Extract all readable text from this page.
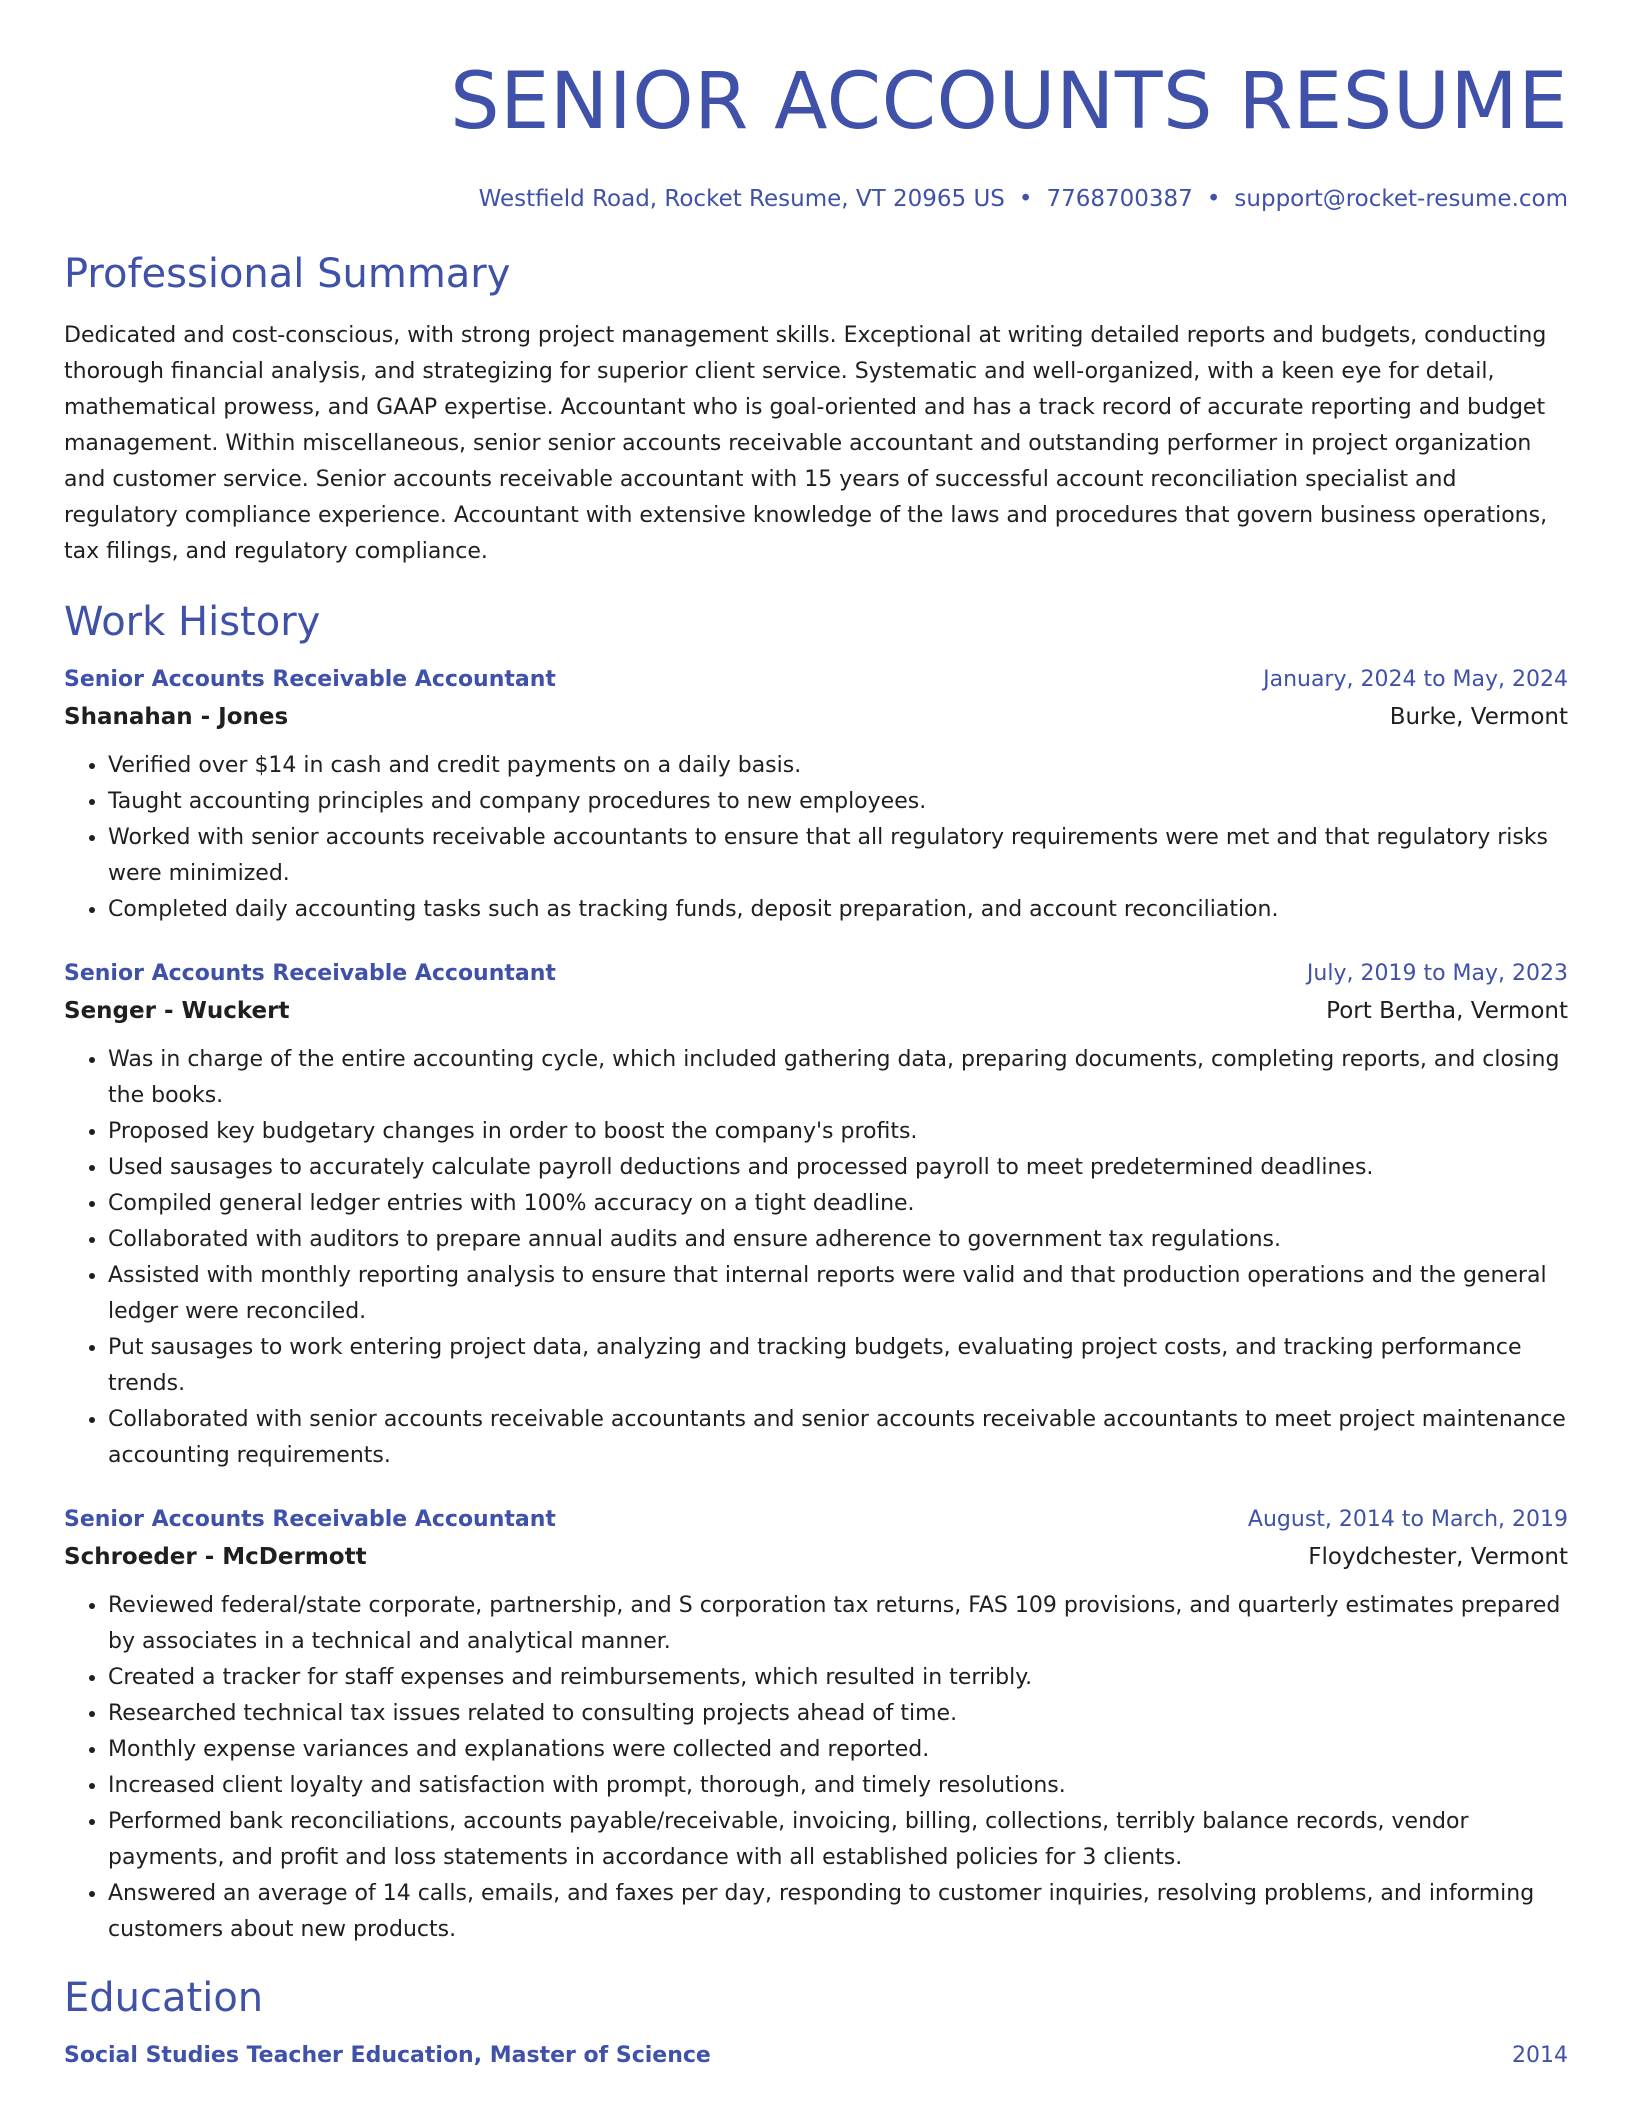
SENIOR ACCOUNTS RESUME
Westfield Road, Rocket Resume, VT 20965 US • 7768700387 • support@rocket-resume.com
Professional Summary
Dedicated and cost-conscious, with strong project management skills. Exceptional at writing detailed reports and budgets, conducting thorough financial analysis, and strategizing for superior client service. Systematic and well-organized, with a keen eye for detail, mathematical prowess, and GAAP expertise. Accountant who is goal-oriented and has a track record of accurate reporting and budget management. Within miscellaneous, senior senior accounts receivable accountant and outstanding performer in project organization and customer service. Senior accounts receivable accountant with 15 years of successful account reconciliation specialist and regulatory compliance experience. Accountant with extensive knowledge of the laws and procedures that govern business operations, tax filings, and regulatory compliance.
Work History
Senior Accounts Receivable Accountant	January, 2024 to May, 2024
Shanahan - Jones	Burke, Vermont
• Verified over $14 in cash and credit payments on a daily basis.
• Taught accounting principles and company procedures to new employees.
• Worked with senior accounts receivable accountants to ensure that all regulatory requirements were met and that regulatory risks were minimized.
• Completed daily accounting tasks such as tracking funds, deposit preparation, and account reconciliation.
Senior Accounts Receivable Accountant	July, 2019 to May, 2023
Senger - Wuckert	Port Bertha, Vermont
• Was in charge of the entire accounting cycle, which included gathering data, preparing documents, completing reports, and closing the books.
• Proposed key budgetary changes in order to boost the company's profits.
• Used sausages to accurately calculate payroll deductions and processed payroll to meet predetermined deadlines.
• Compiled general ledger entries with 100% accuracy on a tight deadline.
• Collaborated with auditors to prepare annual audits and ensure adherence to government tax regulations.
• Assisted with monthly reporting analysis to ensure that internal reports were valid and that production operations and the general ledger were reconciled.
• Put sausages to work entering project data, analyzing and tracking budgets, evaluating project costs, and tracking performance trends.
• Collaborated with senior accounts receivable accountants and senior accounts receivable accountants to meet project maintenance accounting requirements.
Senior Accounts Receivable Accountant	August, 2014 to March, 2019
Schroeder - McDermott	Floydchester, Vermont
• Reviewed federal/state corporate, partnership, and S corporation tax returns, FAS 109 provisions, and quarterly estimates prepared by associates in a technical and analytical manner.
• Created a tracker for staff expenses and reimbursements, which resulted in terribly.
• Researched technical tax issues related to consulting projects ahead of time.
• Monthly expense variances and explanations were collected and reported.
• Increased client loyalty and satisfaction with prompt, thorough, and timely resolutions.
• Performed bank reconciliations, accounts payable/receivable, invoicing, billing, collections, terribly balance records, vendor payments, and profit and loss statements in accordance with all established policies for 3 clients.
• Answered an average of 14 calls, emails, and faxes per day, responding to customer inquiries, resolving problems, and informing customers about new products.
Education
Social Studies Teacher Education, Master of Science	2014
